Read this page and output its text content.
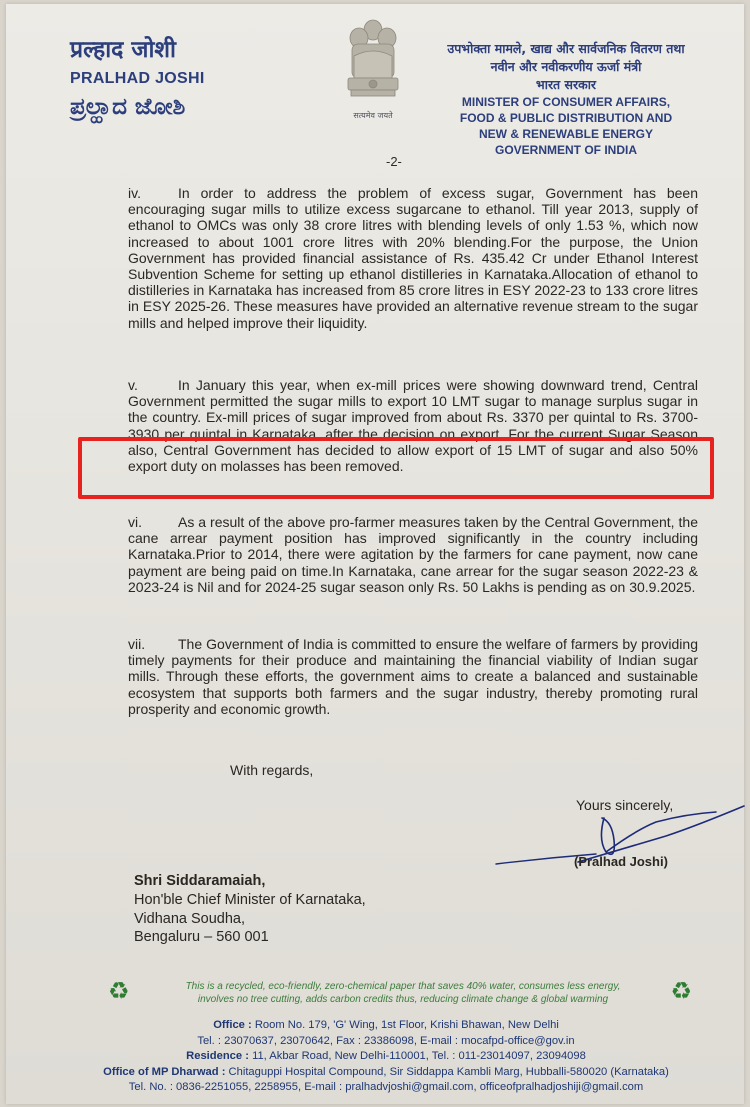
प्रल्हाद जोशी
PRALHAD JOSHI
ಪ್ರಲ್ಹಾದ ಜೋಶಿ	सत्यमेव जयते
उपभोक्ता मामले, खाद्य और सार्वजनिक वितरण तथा
नवीन और नवीकरणीय ऊर्जा मंत्री
भारत सरकार
MINISTER OF CONSUMER AFFAIRS,
FOOD & PUBLIC DISTRIBUTION AND
NEW & RENEWABLE ENERGY
GOVERNMENT OF INDIA
-2-
iv.	In order to address the problem of excess sugar, Government has been encouraging sugar mills to utilize excess sugarcane to ethanol. Till year 2013, supply of ethanol to OMCs was only 38 crore litres with blending levels of only 1.53 %, which now increased to about 1001 crore litres with 20% blending.For the purpose, the Union Government has provided financial assistance of Rs. 435.42 Cr under Ethanol Interest Subvention Scheme for setting up ethanol distilleries in Karnataka.Allocation of ethanol to distilleries in Karnataka has increased from 85 crore litres in ESY 2022-23 to 133 crore litres in ESY 2025-26. These measures have provided an alternative revenue stream to the sugar mills and helped improve their liquidity.
v.	In January this year, when ex-mill prices were showing downward trend, Central Government permitted the sugar mills to export 10 LMT sugar to manage surplus sugar in the country. Ex-mill prices of sugar improved from about Rs. 3370 per quintal to Rs. 3700-3930 per quintal in Karnataka, after the decision on export. For the current Sugar Season also, Central Government has decided to allow export of 15 LMT of sugar and also 50% export duty on molasses has been removed.
vi.	As a result of the above pro-farmer measures taken by the Central Government, the cane arrear payment position has improved significantly in the country including Karnataka.Prior to 2014, there were agitation by the farmers for cane payment, now cane payment are being paid on time.In Karnataka, cane arrear for the sugar season 2022-23 & 2023-24 is Nil and for 2024-25 sugar season only Rs. 50 Lakhs is pending as on 30.9.2025.
vii. The Government of India is committed to ensure the welfare of farmers by providing timely payments for their produce and maintaining the financial viability of Indian sugar mills. Through these efforts, the government aims to create a balanced and sustainable ecosystem that supports both farmers and the sugar industry, thereby promoting rural prosperity and economic growth.
With regards,
Yours sincerely,
(Pralhad Joshi)
Shri Siddaramaiah,
Hon'ble Chief Minister of Karnataka,
Vidhana Soudha,
Bengaluru – 560 001
♻	This is a recycled, eco-friendly, zero-chemical paper that saves 40% water, consumes less energy,
involves no tree cutting, adds carbon credits thus, reducing climate change & global warming	♻
Office : Room No. 179, 'G' Wing, 1st Floor, Krishi Bhawan, New Delhi
Tel. : 23070637, 23070642, Fax : 23386098, E-mail : mocafpd-office@gov.in
Residence : 11, Akbar Road, New Delhi-110001, Tel. : 011-23014097, 23094098
Office of MP Dharwad : Chitaguppi Hospital Compound, Sir Siddappa Kambli Marg, Hubballi-580020 (Karnataka)
Tel. No. : 0836-2251055, 2258955, E-mail : pralhadvjoshi@gmail.com, officeofpralhadjoshiji@gmail.com
